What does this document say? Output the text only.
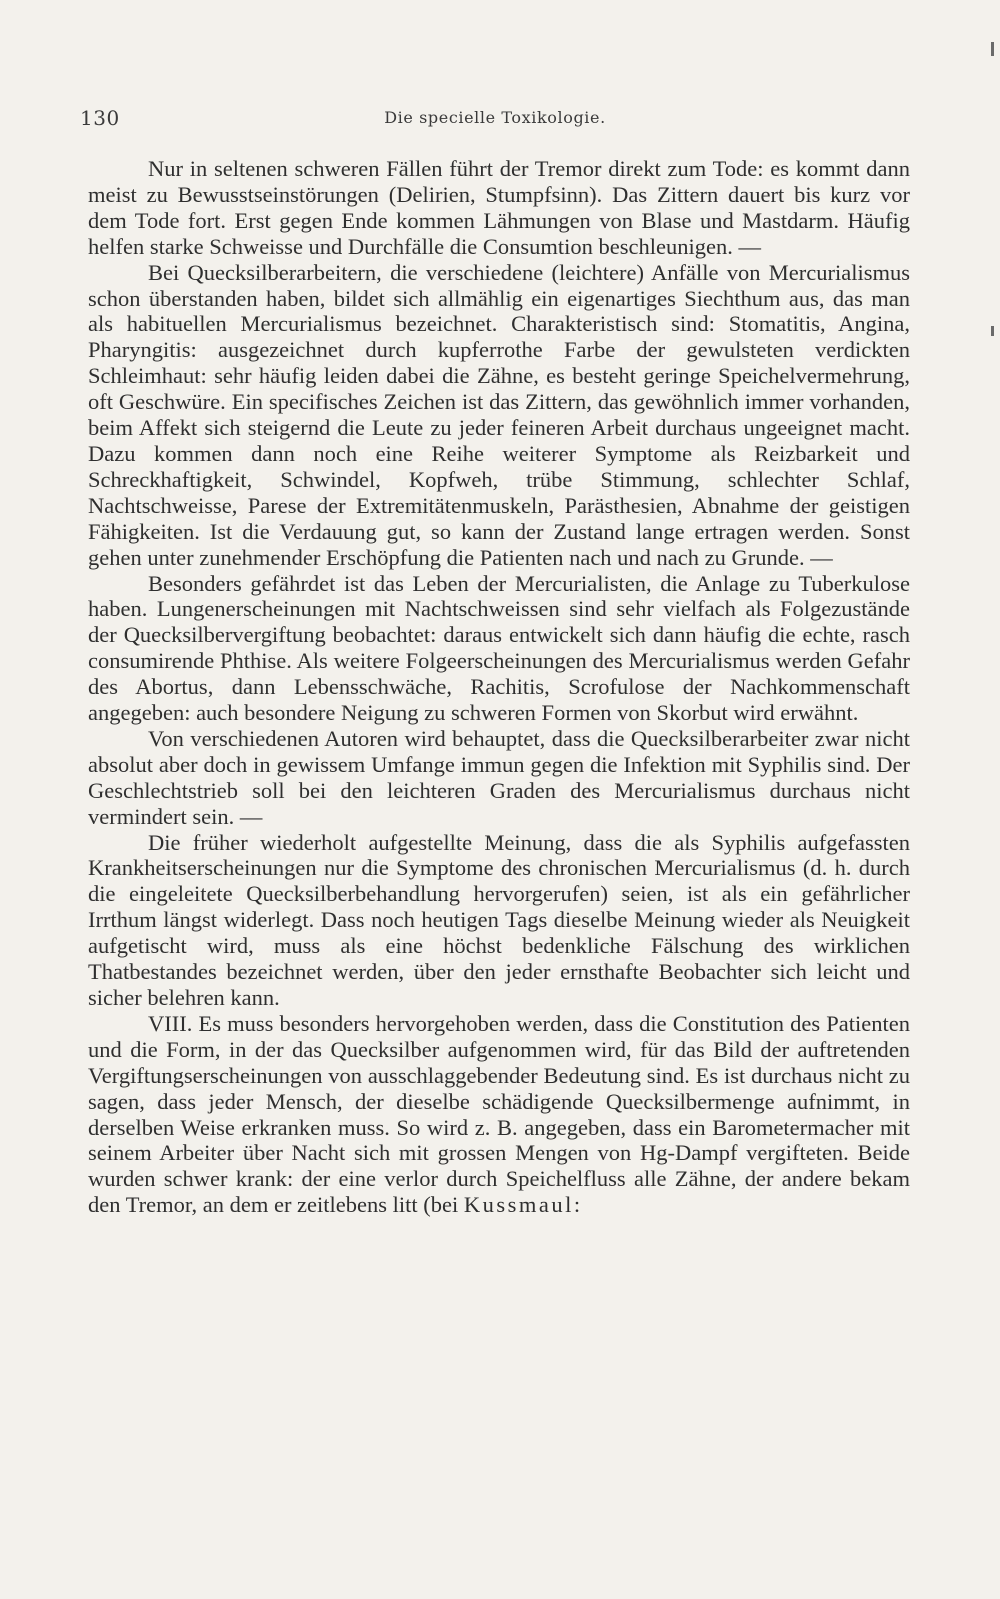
130	Die specielle Toxikologie.

Nur in seltenen schweren Fällen führt der Tremor direkt zum Tode: es kommt dann meist zu Bewusstseinstörungen (Delirien, Stumpfsinn). Das Zittern dauert bis kurz vor dem Tode fort. Erst gegen Ende kommen Lähmungen von Blase und Mastdarm. Häufig helfen starke Schweisse und Durchfälle die Consumtion beschleunigen. —

Bei Quecksilberarbeitern, die verschiedene (leichtere) Anfälle von Mercurialismus schon überstanden haben, bildet sich allmählig ein eigenartiges Siechthum aus, das man als habituellen Mercurialismus bezeichnet. Charakteristisch sind: Stomatitis, Angina, Pharyngitis: ausgezeichnet durch kupferrothe Farbe der gewulsteten verdickten Schleimhaut: sehr häufig leiden dabei die Zähne, es besteht geringe Speichelvermehrung, oft Geschwüre. Ein specifisches Zeichen ist das Zittern, das gewöhnlich immer vorhanden, beim Affekt sich steigernd die Leute zu jeder feineren Arbeit durchaus ungeeignet macht. Dazu kommen dann noch eine Reihe weiterer Symptome als Reizbarkeit und Schreckhaftigkeit, Schwindel, Kopfweh, trübe Stimmung, schlechter Schlaf, Nachtschweisse, Parese der Extremitätenmuskeln, Parästhesien, Abnahme der geistigen Fähigkeiten. Ist die Verdauung gut, so kann der Zustand lange ertragen werden. Sonst gehen unter zunehmender Erschöpfung die Patienten nach und nach zu Grunde. —

Besonders gefährdet ist das Leben der Mercurialisten, die Anlage zu Tuberkulose haben. Lungenerscheinungen mit Nachtschweissen sind sehr vielfach als Folgezustände der Quecksilbervergiftung beobachtet: daraus entwickelt sich dann häufig die echte, rasch consumirende Phthise. Als weitere Folgeerscheinungen des Mercurialismus werden Gefahr des Abortus, dann Lebensschwäche, Rachitis, Scrofulose der Nachkommenschaft angegeben: auch besondere Neigung zu schweren Formen von Skorbut wird erwähnt.

Von verschiedenen Autoren wird behauptet, dass die Quecksilberarbeiter zwar nicht absolut aber doch in gewissem Umfange immun gegen die Infektion mit Syphilis sind. Der Geschlechtstrieb soll bei den leichteren Graden des Mercurialismus durchaus nicht vermindert sein. —

Die früher wiederholt aufgestellte Meinung, dass die als Syphilis aufgefassten Krankheitserscheinungen nur die Symptome des chronischen Mercurialismus (d. h. durch die eingeleitete Quecksilberbehandlung hervorgerufen) seien, ist als ein gefährlicher Irrthum längst widerlegt. Dass noch heutigen Tags dieselbe Meinung wieder als Neuigkeit aufgetischt wird, muss als eine höchst bedenkliche Fälschung des wirklichen Thatbestandes bezeichnet werden, über den jeder ernsthafte Beobachter sich leicht und sicher belehren kann.

VIII. Es muss besonders hervorgehoben werden, dass die Constitution des Patienten und die Form, in der das Quecksilber aufgenommen wird, für das Bild der auftretenden Vergiftungserscheinungen von ausschlaggebender Bedeutung sind. Es ist durchaus nicht zu sagen, dass jeder Mensch, der dieselbe schädigende Quecksilbermenge aufnimmt, in derselben Weise erkranken muss. So wird z. B. angegeben, dass ein Barometermacher mit seinem Arbeiter über Nacht sich mit grossen Mengen von Hg-Dampf vergifteten. Beide wurden schwer krank: der eine verlor durch Speichelfluss alle Zähne, der andere bekam den Tremor, an dem er zeitlebens litt (bei Kussmaul:
